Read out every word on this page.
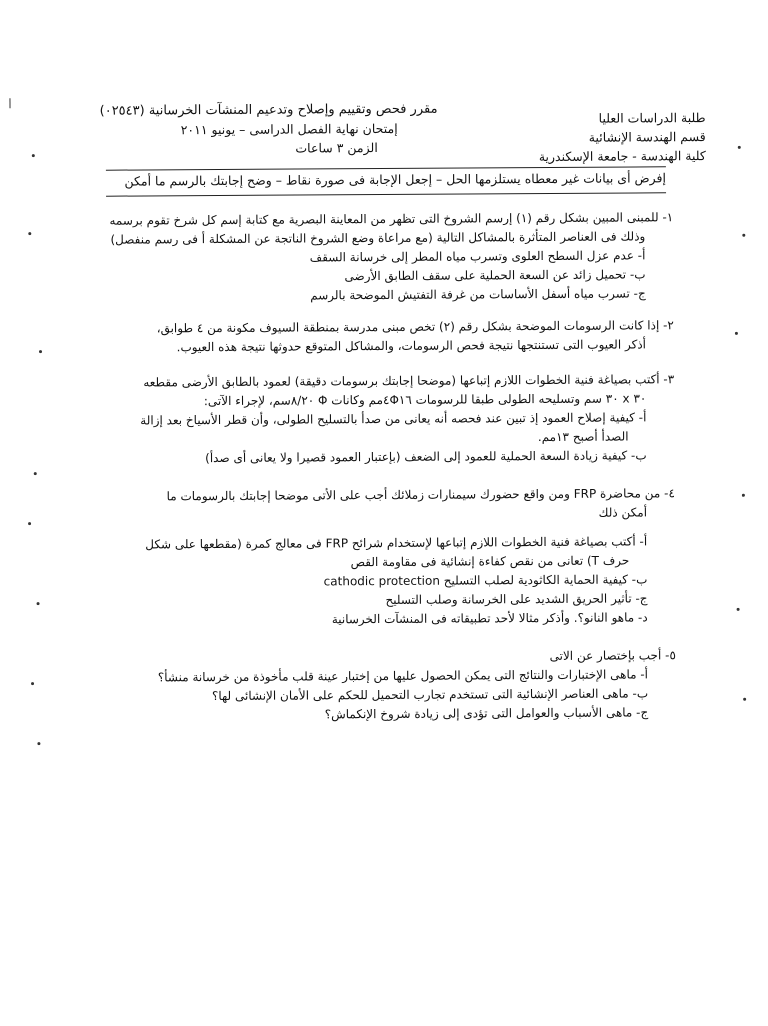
طلبة الدراسات العليا
قسم الهندسة الإنشائية
كلية الهندسة - جامعة الإسكندرية
مقرر فحص وتقييم وإصلاح وتدعيم المنشآت الخرسانية (٠٢٥٤٣)
إمتحان نهاية الفصل الدراسى – يونيو ٢٠١١
الزمن ٣ ساعات
إفرض أى بيانات غير معطاه يستلزمها الحل – إجعل الإجابة فى صورة نقاط – وضح إجابتك بالرسم ما أمكن
١- للمبنى المبين بشكل رقم (١) إرسم الشروخ التى تظهر من المعاينة البصرية مع كتابة إسم كل شرخ تقوم برسمه
وذلك فى العناصر المتأثرة بالمشاكل التالية (مع مراعاة وضع الشروخ الناتجة عن المشكلة أ فى رسم منفصل)
أ- عدم عزل السطح العلوى وتسرب مياه المطر إلى خرسانة السقف
ب- تحميل زائد عن السعة الحملية على سقف الطابق الأرضى
ج- تسرب مياه أسفل الأساسات من غرفة التفتيش الموضحة بالرسم
٢- إذا كانت الرسومات الموضحة بشكل رقم (٢) تخص مبنى مدرسة بمنطقة السيوف مكونة من ٤ طوابق،
أذكر العيوب التى تستنتجها نتيجة فحص الرسومات، والمشاكل المتوقع حدوثها نتيجة هذه العيوب.
٣- أكتب بصياغة فنية الخطوات اللازم إتباعها (موضحا إجابتك برسومات دقيقة) لعمود بالطابق الأرضى مقطعه
٣٠ x ٣٠ سم وتسليحه الطولى طبقا للرسومات ٤Φ١٦مم وكانات Φ ٨/٢٠سم، لإجراء الآتى:
أ- كيفية إصلاح العمود إذ تبين عند فحصه أنه يعانى من صدأ بالتسليح الطولى، وأن قطر الأسياخ بعد إزالة
الصدأ أصبح ١٣مم.
ب- كيفية زيادة السعة الحملية للعمود إلى الضعف (بإعتبار العمود قصيرا ولا يعانى أى صدأ)
٤- من محاضرة FRP ومن واقع حضورك سيمنارات زملائك أجب على الأتى موضحا إجابتك بالرسومات ما
أمكن ذلك
أ- أكتب بصياغة فنية الخطوات اللازم إتباعها لإستخدام شرائح FRP فى معالج كمرة (مقطعها على شكل
حرف T) تعانى من نقص كفاءة إنشائية فى مقاومة القص
ب- كيفية الحماية الكاثودية لصلب التسليح cathodic protection
ج- تأثير الحريق الشديد على الخرسانة وصلب التسليح
د- ماهو النانو؟. وأذكر مثالا لأحد تطبيقاته فى المنشآت الخرسانية
٥- أجب بإختصار عن الاتى
أ- ماهى الإختبارات والنتائج التى يمكن الحصول عليها من إختبار عينة قلب مأخوذة من خرسانة منشأ؟
ب- ماهى العناصر الإنشائية التى تستخدم تجارب التحميل للحكم على الأمان الإنشائى لها؟
ج- ماهى الأسباب والعوامل التى تؤدى إلى زيادة شروخ الإنكماش؟
